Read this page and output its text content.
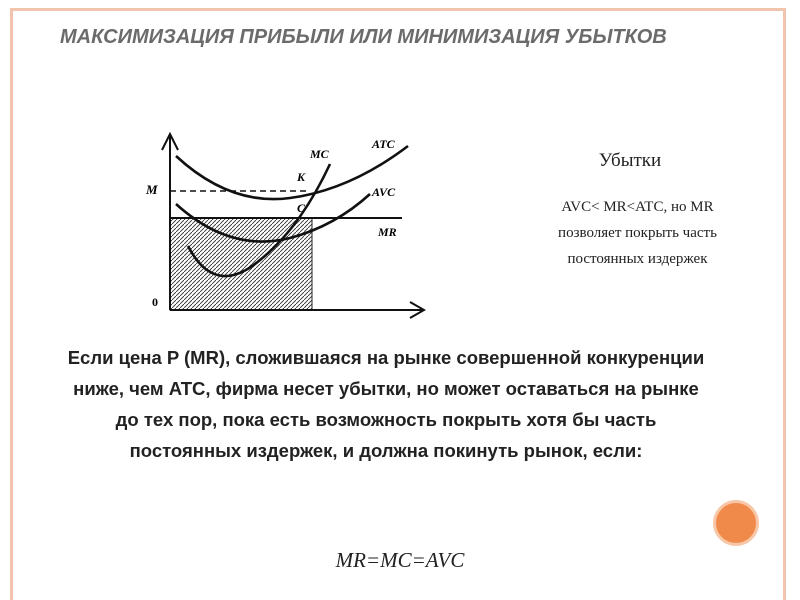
МАКСИМИЗАЦИЯ ПРИБЫЛИ ИЛИ МИНИМИЗАЦИЯ УБЫТКОВ
MC
ATC
AVC
MR
K
C
M
0
Убытки
AVC< MR<ATC, но MR позволяет покрыть часть постоянных издержек
Если цена P (MR), сложившаяся на рынке совершенной конкуренции ниже, чем ATC, фирма несет убытки, но может оставаться на рынке до тех пор, пока есть возможность покрыть хотя бы часть постоянных издержек, и должна покинуть рынок, если:
MR=MC=AVC
